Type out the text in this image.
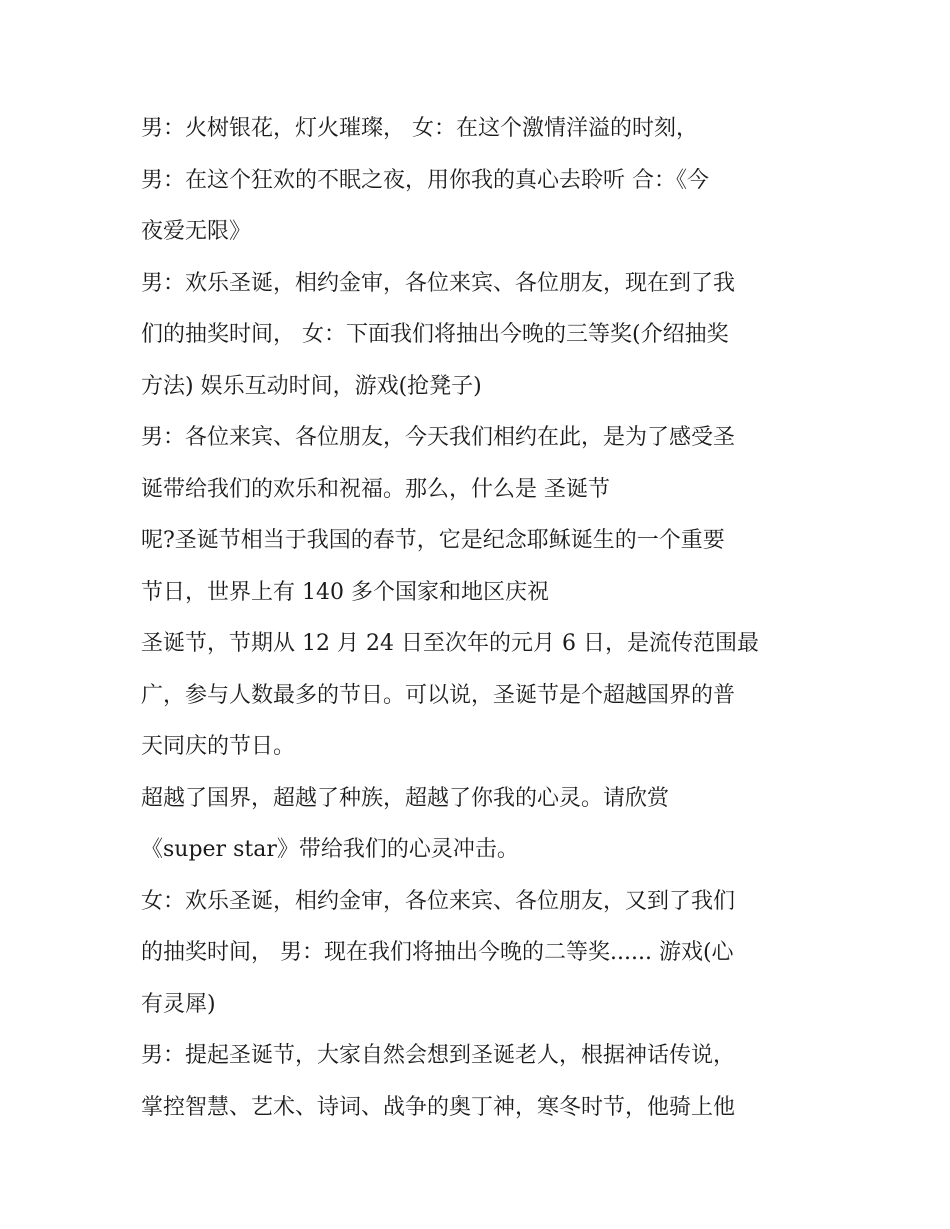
男：火树银花，灯火璀璨， 女：在这个激情洋溢的时刻，
男：在这个狂欢的不眠之夜，用你我的真心去聆听 合：《今
夜爱无限》
男：欢乐圣诞，相约金审，各位来宾、各位朋友，现在到了我
们的抽奖时间， 女：下面我们将抽出今晚的三等奖(介绍抽奖
方法) 娱乐互动时间，游戏(抢凳子)
男：各位来宾、各位朋友，今天我们相约在此，是为了感受圣
诞带给我们的欢乐和祝福。那么，什么是 圣诞节
呢?圣诞节相当于我国的春节，它是纪念耶稣诞生的一个重要
节日，世界上有 140 多个国家和地区庆祝
圣诞节，节期从 12 月 24 日至次年的元月 6 日，是流传范围最
广，参与人数最多的节日。可以说，圣诞节是个超越国界的普
天同庆的节日。
超越了国界，超越了种族，超越了你我的心灵。请欣赏
《super star》带给我们的心灵冲击。
女：欢乐圣诞，相约金审，各位来宾、各位朋友，又到了我们
的抽奖时间， 男：现在我们将抽出今晚的二等奖...... 游戏(心
有灵犀)
男：提起圣诞节，大家自然会想到圣诞老人，根据神话传说，
掌控智慧、艺术、诗词、战争的奥丁神，寒冬时节，他骑上他
